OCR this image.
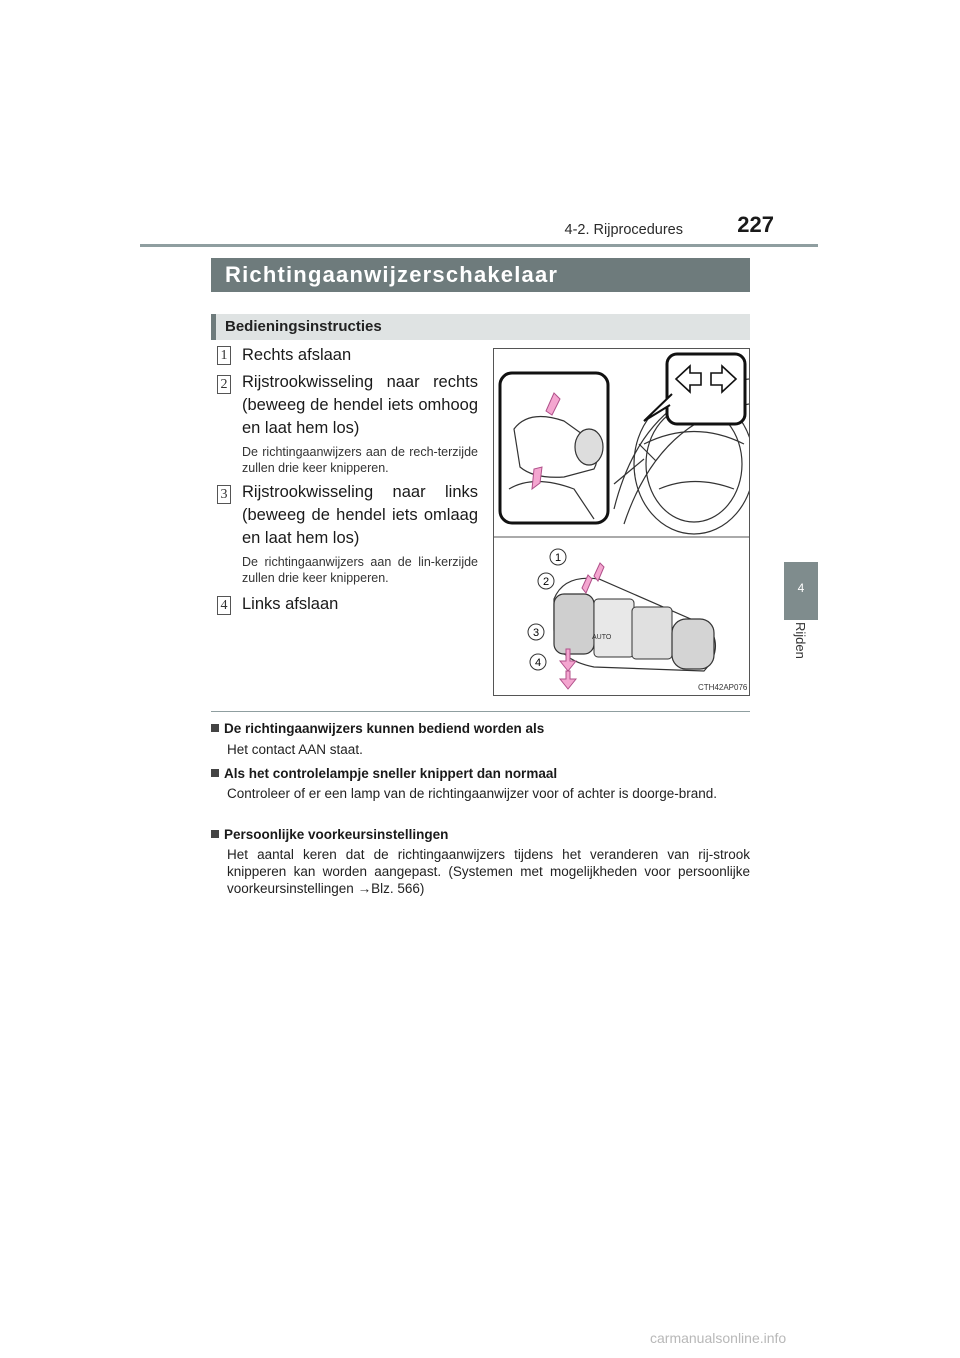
4-2. Rijprocedures	227
4
Rijden
Richtingaanwijzerschakelaar
Bedieningsinstructies
1 Rechts afslaan
2 Rijstrookwisseling naar rechts (beweeg de hendel iets omhoog en laat hem los)
De richtingaanwijzers aan de rech-terzijde zullen drie keer knipperen.
3 Rijstrookwisseling naar links (beweeg de hendel iets omlaag en laat hem los)
De richtingaanwijzers aan de lin-kerzijde zullen drie keer knipperen.
4 Links afslaan
AUTO
1
2
3
4
CTH42AP076
De richtingaanwijzers kunnen bediend worden als
Het contact AAN staat.
Als het controlelampje sneller knippert dan normaal
Controleer of er een lamp van de richtingaanwijzer voor of achter is doorge-brand.
Persoonlijke voorkeursinstellingen
Het aantal keren dat de richtingaanwijzers tijdens het veranderen van rij-strook knipperen kan worden aangepast. (Systemen met mogelijkheden voor persoonlijke voorkeursinstellingen →Blz. 566)
carmanualsonline.info
